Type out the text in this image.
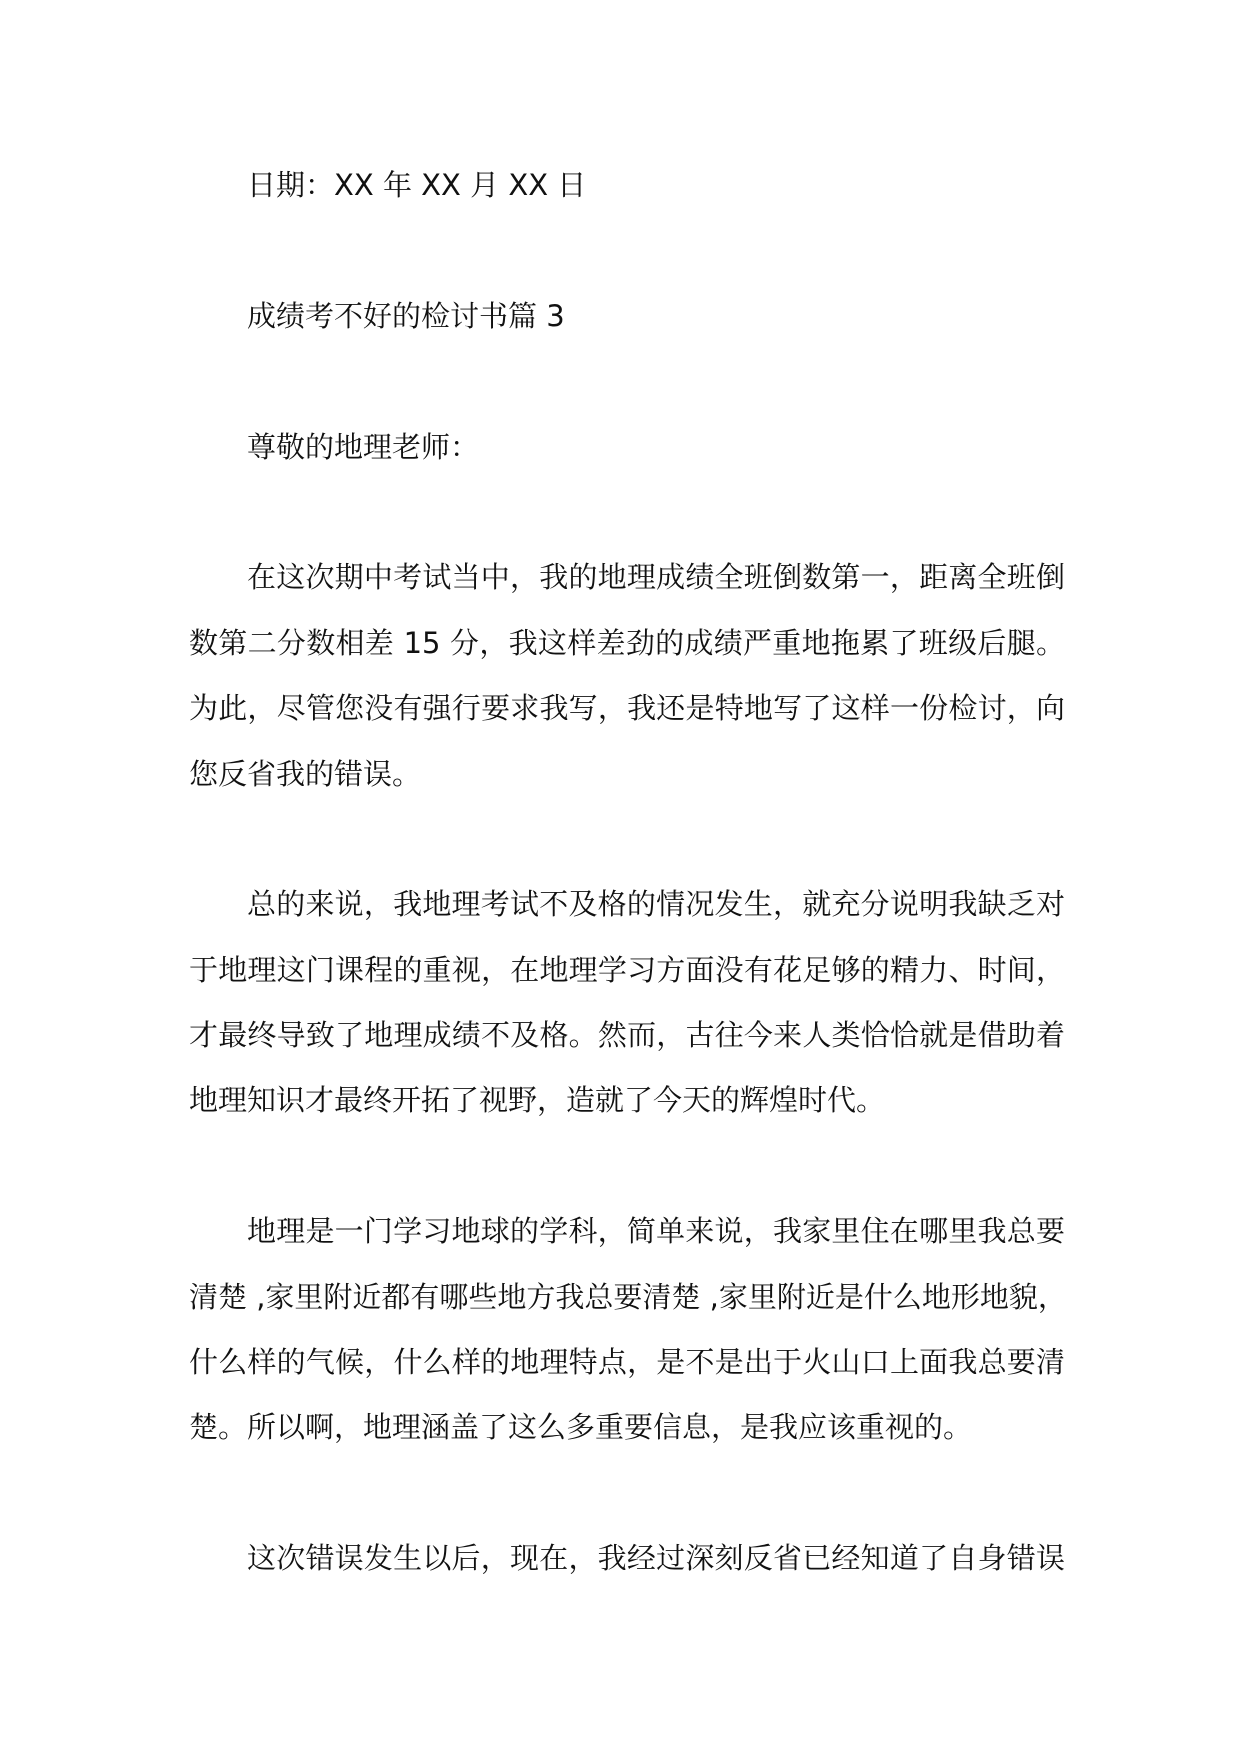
日期：XX 年 XX 月 XX 日
成绩考不好的检讨书篇 3
尊敬的地理老师：
在这次期中考试当中，我的地理成绩全班倒数第一，距离全班倒
数第二分数相差 15 分，我这样差劲的成绩严重地拖累了班级后腿。
为此，尽管您没有强行要求我写，我还是特地写了这样一份检讨，向
您反省我的错误。
总的来说，我地理考试不及格的情况发生，就充分说明我缺乏对
于地理这门课程的重视，在地理学习方面没有花足够的精力、时间，
才最终导致了地理成绩不及格。然而，古往今来人类恰恰就是借助着
地理知识才最终开拓了视野，造就了今天的辉煌时代。
地理是一门学习地球的学科，简单来说，我家里住在哪里我总要
清楚 ,家里附近都有哪些地方我总要清楚 ,家里附近是什么地形地貌，
什么样的气候，什么样的地理特点，是不是出于火山口上面我总要清
楚。所以啊，地理涵盖了这么多重要信息，是我应该重视的。
这次错误发生以后，现在，我经过深刻反省已经知道了自身错误
